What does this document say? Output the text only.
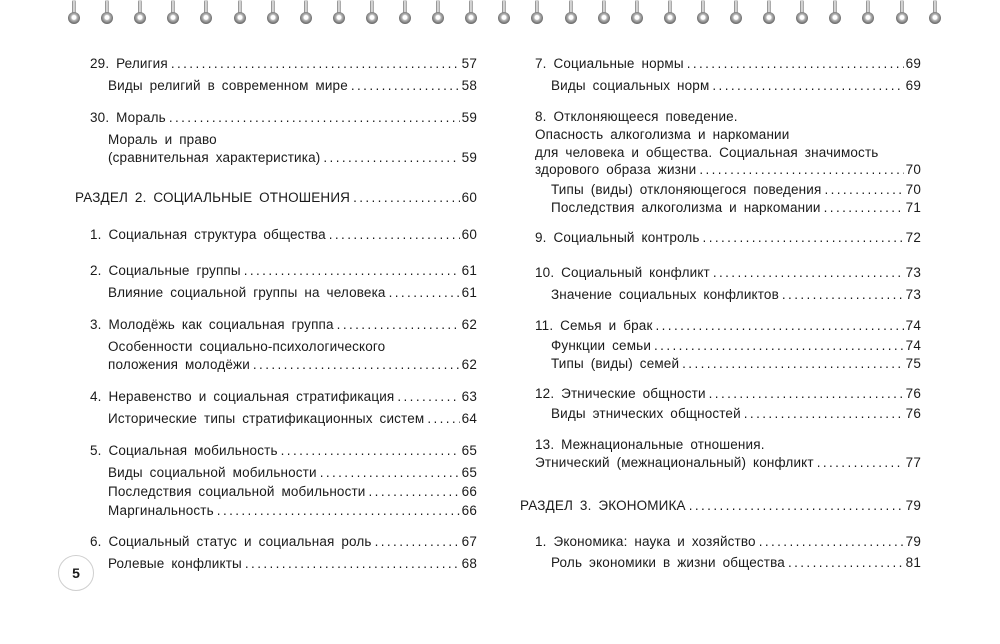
29. Религия .....	57
Виды религий в современном мире .....	58
30. Мораль .....	59
Мораль и право
(сравнительная характеристика) .....	59
РАЗДЕЛ 2. СОЦИАЛЬНЫЕ ОТНОШЕНИЯ .....	60
1. Социальная структура общества .....	60
2. Социальные группы .....	61
Влияние социальной группы на человека .....	61
3. Молодёжь как социальная группа .....	62
Особенности социально-психологического
положения молодёжи .....	62
4. Неравенство и социальная стратификация .....	63
Исторические типы стратификационных систем .....	64
5. Социальная мобильность .....	65
Виды социальной мобильности .....	65
Последствия социальной мобильности .....	66
Маргинальность .....	66
6. Социальный статус и социальная роль .....	67
Ролевые конфликты .....	68
7. Социальные нормы .....	69
Виды социальных норм .....	69
8. Отклоняющееся поведение.
Опасность алкоголизма и наркомании
для человека и общества. Социальная значимость
здорового образа жизни .....	70
Типы (виды) отклоняющегося поведения .....	70
Последствия алкоголизма и наркомании .....	71
9. Социальный контроль .....	72
10. Социальный конфликт .....	73
Значение социальных конфликтов .....	73
11. Семья и брак .....	74
Функции семьи .....	74
Типы (виды) семей .....	75
12. Этнические общности .....	76
Виды этнических общностей .....	76
13. Межнациональные отношения.
Этнический (межнациональный) конфликт .....	77
РАЗДЕЛ 3. ЭКОНОМИКА .....	79
1. Экономика: наука и хозяйство .....	79
Роль экономики в жизни общества .....	81
5
